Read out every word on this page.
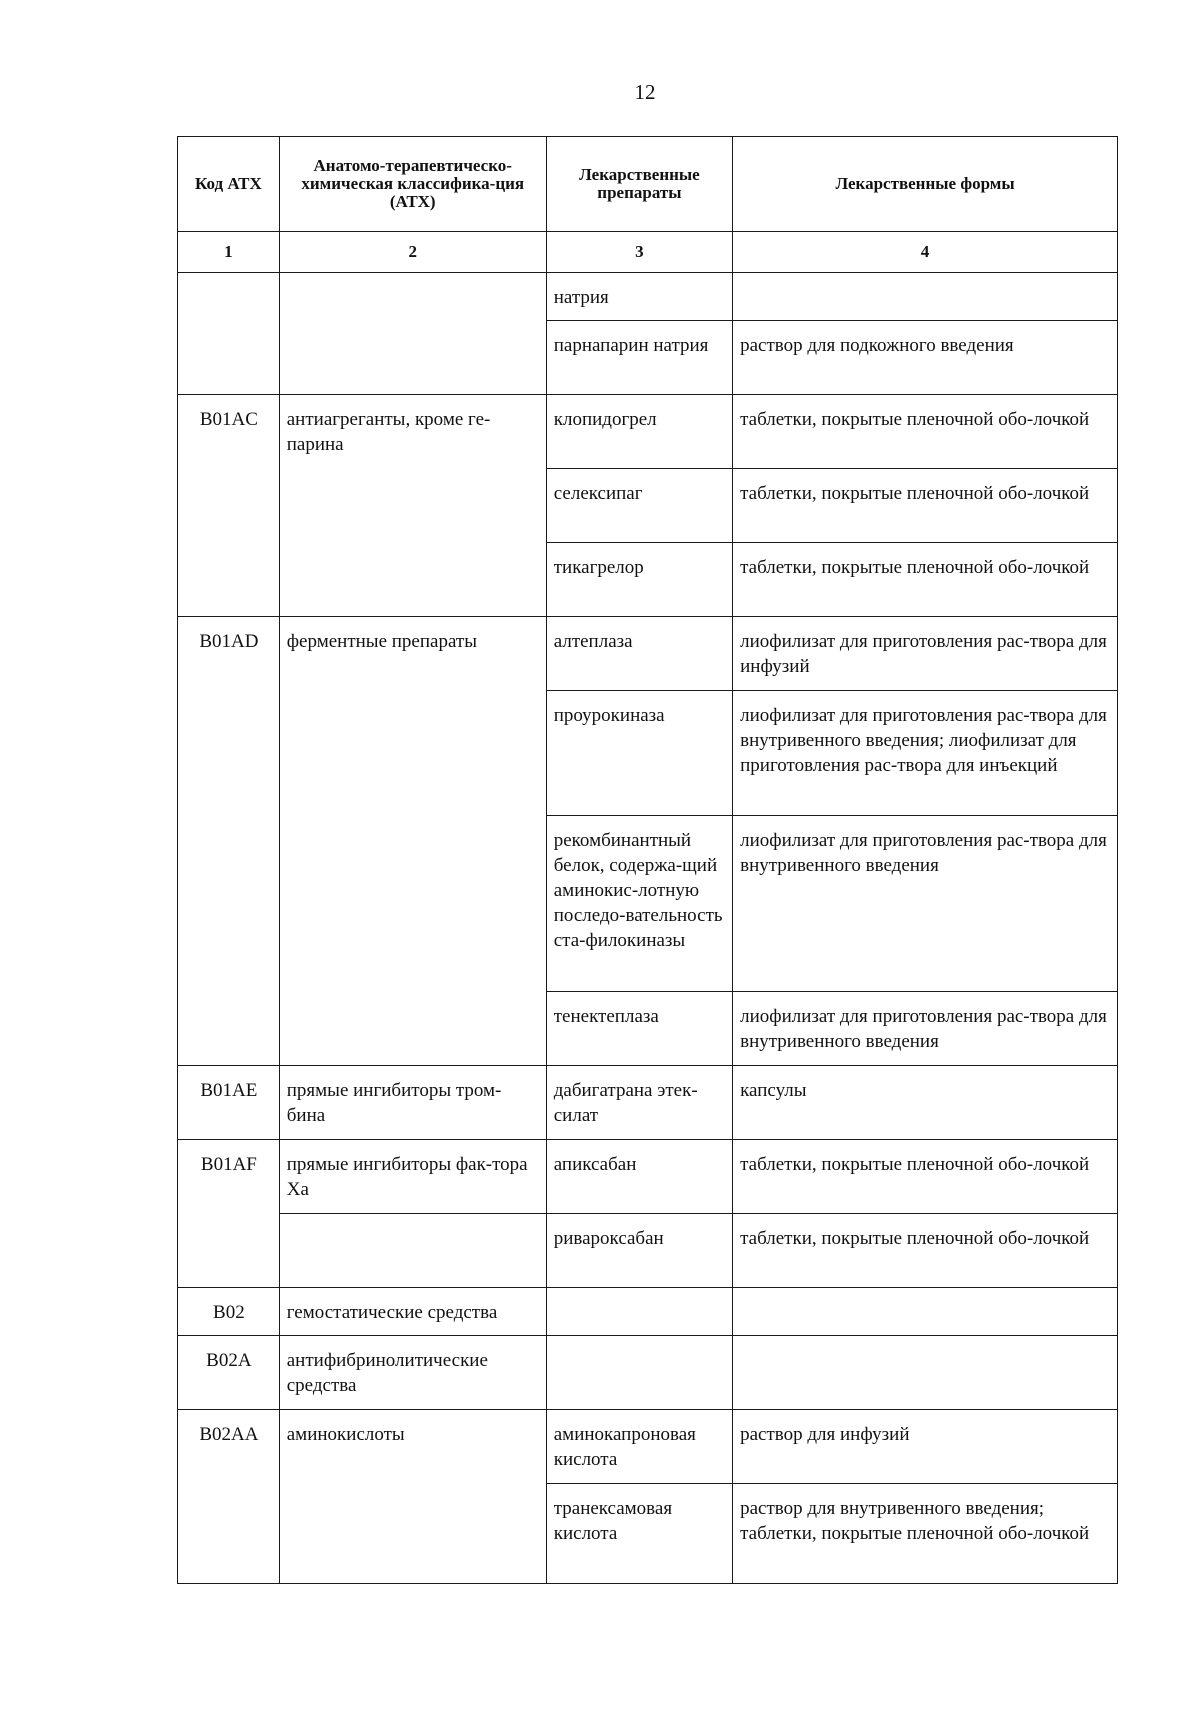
12
Код АТХ	Анатомо-терапевтическо-химическая классифика-ция (АТХ)	Лекарственные препараты	Лекарственные формы
1	2	3	4
		натрия	
		парнапарин натрия	раствор для подкожного введения
B01AC	антиагреганты, кроме ге-парина	клопидогрел	таблетки, покрытые пленочной обо-лочкой
		селексипаг	таблетки, покрытые пленочной обо-лочкой
		тикагрелор	таблетки, покрытые пленочной обо-лочкой
B01AD	ферментные препараты	алтеплаза	лиофилизат для приготовления рас-твора для инфузий
		проурокиназа	лиофилизат для приготовления рас-твора для внутривенного введения; лиофилизат для приготовления рас-твора для инъекций
		рекомбинантный белок, содержа-щий аминокис-лотную последо-вательность ста-филокиназы	лиофилизат для приготовления рас-твора для внутривенного введения
		тенектеплаза	лиофилизат для приготовления рас-твора для внутривенного введения
B01AE	прямые ингибиторы тром-бина	дабигатрана этек-силат	капсулы
B01AF	прямые ингибиторы фак-тора Xa	апиксабан	таблетки, покрытые пленочной обо-лочкой
		ривароксабан	таблетки, покрытые пленочной обо-лочкой
B02	гемостатические средства		
B02A	антифибринолитические средства		
B02AA	аминокислоты	аминокапроновая кислота	раствор для инфузий
		транексамовая кислота	раствор для внутривенного введения; таблетки, покрытые пленочной обо-лочкой
